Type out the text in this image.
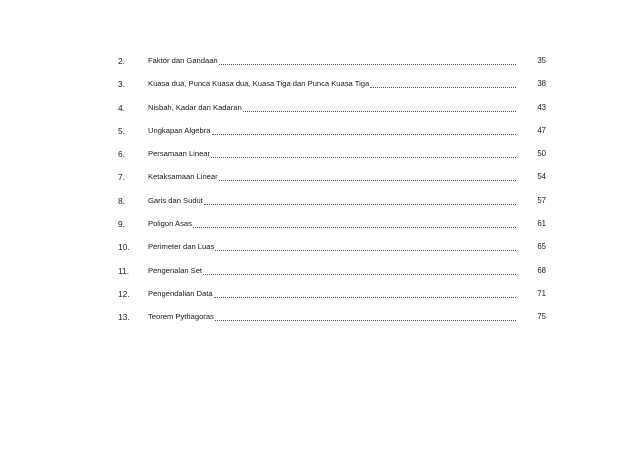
2.	Faktor dan Gandaan	35
3.	Kuasa dua, Punca Kuasa dua, Kuasa Tiga dan Punca Kuasa Tiga	38
4.	Nisbah, Kadar dan Kadaran	43
5.	Ungkapan Algebra	47
6.	Persamaan Linear	50
7.	Ketaksamaan Linear	54
8.	Garis dan Sudut	57
9.	Poligon Asas	61
10.	Perimeter dan Luas	65
11.	Pengenalan Set	68
12.	Pengendalian Data	71
13.	Teorem Pythagoras	75
